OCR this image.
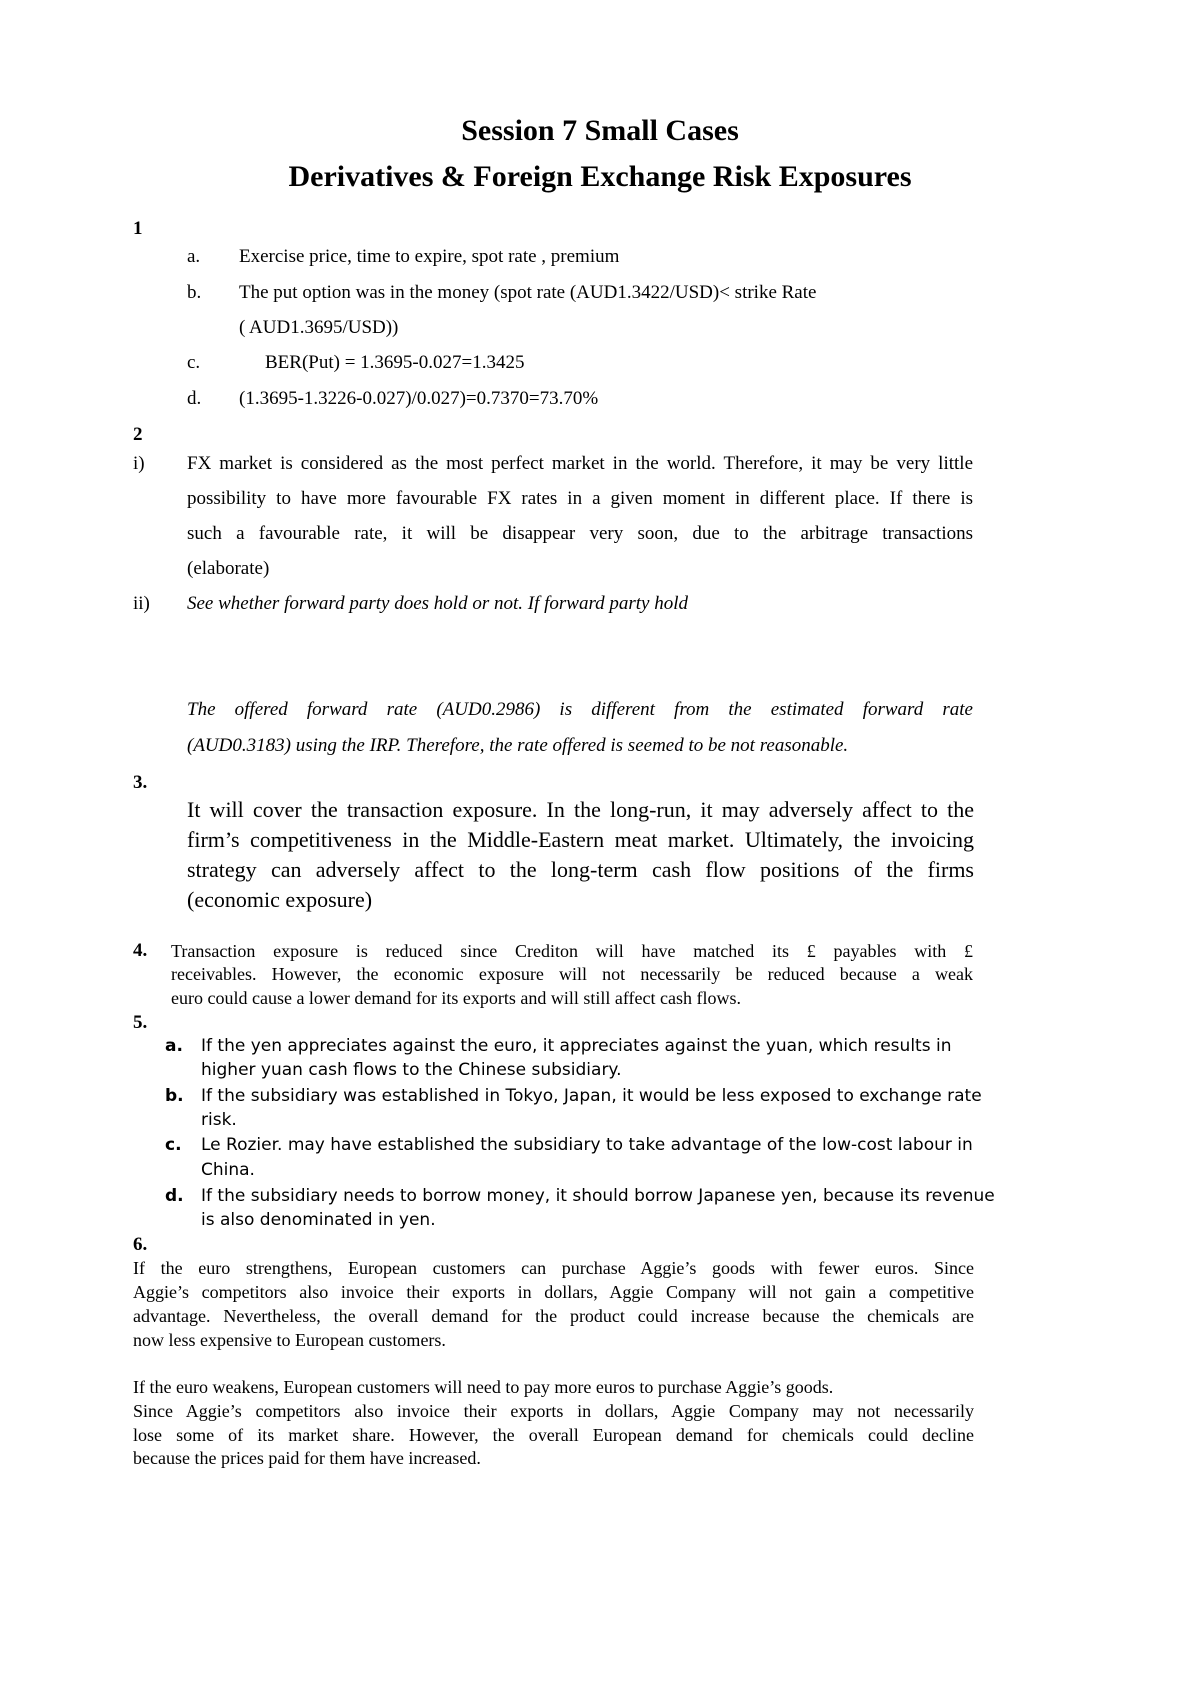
Session 7 Small Cases
Derivatives & Foreign Exchange Risk Exposures
1
a. Exercise price, time to expire, spot rate , premium
b. The put option was in the money (spot rate (AUD1.3422/USD)< strike Rate
( AUD1.3695/USD))
c.	BER(Put) = 1.3695-0.027=1.3425
d. (1.3695-1.3226-0.027)/0.027)=0.7370=73.70%
2
i) FX market is considered as the most perfect market in the world. Therefore, it may be very little
possibility to have more favourable FX rates in a given moment in different place. If there is
such a favourable rate, it will be disappear very soon, due to the arbitrage transactions
(elaborate)
ii) See whether forward party does hold or not. If forward party hold
The offered forward rate (AUD0.2986) is different from the estimated forward rate
(AUD0.3183) using the IRP. Therefore, the rate offered is seemed to be not reasonable.
3.
It will cover the transaction exposure. In the long-run, it may adversely affect to the
firm’s competitiveness in the Middle-Eastern meat market. Ultimately, the invoicing
strategy can adversely affect to the long-term cash flow positions of the firms
(economic exposure)
4. Transaction exposure is reduced since Crediton will have matched its £ payables with £
receivables. However, the economic exposure will not necessarily be reduced because a weak
euro could cause a lower demand for its exports and will still affect cash flows.
5.
a. If the yen appreciates against the euro, it appreciates against the yuan, which results in
higher yuan cash flows to the Chinese subsidiary.
b. If the subsidiary was established in Tokyo, Japan, it would be less exposed to exchange rate
risk.
c. Le Rozier. may have established the subsidiary to take advantage of the low-cost labour in
China.
d. If the subsidiary needs to borrow money, it should borrow Japanese yen, because its revenue
is also denominated in yen.
6.
If the euro strengthens, European customers can purchase Aggie’s goods with fewer euros. Since
Aggie’s competitors also invoice their exports in dollars, Aggie Company will not gain a competitive
advantage. Nevertheless, the overall demand for the product could increase because the chemicals are
now less expensive to European customers.
If the euro weakens, European customers will need to pay more euros to purchase Aggie’s goods.
Since Aggie’s competitors also invoice their exports in dollars, Aggie Company may not necessarily
lose some of its market share. However, the overall European demand for chemicals could decline
because the prices paid for them have increased.
